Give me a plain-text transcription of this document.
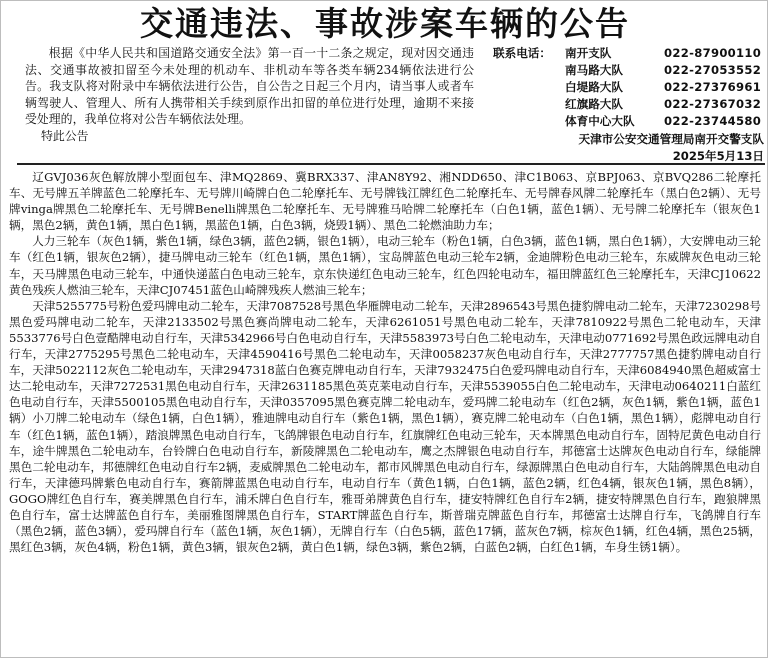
交通违法、事故涉案车辆的公告

根据《中华人民共和国道路交通安全法》第一百一十二条之规定，现对因交通违法、交通事故被扣留至今未处理的机动车、非机动车等各类车辆234辆依法进行公告。我支队将对附录中车辆依法进行公告，自公告之日起三个月内，请当事人或者车辆驾驶人、管理人、所有人携带相关手续到原作出扣留的单位进行处理，逾期不来接受处理的，我单位将对公告车辆依法处理。

特此公告

联系电话： 南开支队	022-87900110
南马路大队	022-27053552
白堤路大队	022-27376961
红旗路大队	022-27367032
体育中心大队	022-23744580
天津市公安交通管理局南开交警支队
2025年5月13日

辽GVJ036灰色解放牌小型面包车、津MQ2869、冀BRX337、津AN8Y92、湘NDD650、津C1B063、京BPJ063、京BVQ286二轮摩托车、无号牌五羊牌蓝色二轮摩托车、无号牌川崎牌白色二轮摩托车、无号牌钱江牌红色二轮摩托车、无号牌春风牌二轮摩托车（黑白色2辆）、无号牌vinga牌黑色二轮摩托车、无号牌Benelli牌黑色二轮摩托车、无号牌雅马哈牌二轮摩托车（白色1辆，蓝色1辆）、无号牌二轮摩托车（银灰色1辆，黑色2辆，黄色1辆，黑白色1辆，黑蓝色1辆，白色3辆，烧毁1辆）、黑色二轮燃油助力车；

人力三轮车（灰色1辆，紫色1辆，绿色3辆，蓝色2辆，银色1辆），电动三轮车（粉色1辆，白色3辆，蓝色1辆，黑白色1辆），大安牌电动三轮车（红色1辆，银灰色2辆），捷马牌电动三轮车（红色1辆，黑色1辆），宝岛牌蓝色电动三轮车2辆，金迪牌粉色电动三轮车，东威牌灰色电动三轮车，天马牌黑色电动三轮车，中通快递蓝白色电动三轮车，京东快递红色电动三轮车，红色四轮电动车，福田牌蓝红色三轮摩托车，天津CJ10622黄色残疾人燃油三轮车，天津CJ07451蓝色山崎牌残疾人燃油三轮车；

天津5255775号粉色爱玛牌电动二轮车，天津7087528号黑色华雁牌电动二轮车，天津2896543号黑色捷豹牌电动二轮车，天津7230298号黑色爱玛牌电动二轮车，天津2133502号黑色赛尚牌电动二轮车，天津6261051号黑色电动二轮车，天津7810922号黑色二轮电动车，天津5533776号白色壹酷牌电动自行车，天津5342966号白色电动自行车，天津5583973号白色二轮电动车，天津电动0771692号黑色政远牌电动自行车，天津2775295号黑色二轮电动车，天津4590416号黑色二轮电动车，天津0058237灰色电动自行车，天津2777757黑色捷豹牌电动自行车，天津5022112灰色二轮电动车，天津2947318蓝白色赛克牌电动自行车，天津7932475白色爱玛牌电动自行车，天津6084940黑色超威富士达二轮电动车，天津7272531黑色电动自行车，天津2631185黑色英克莱电动自行车，天津5539055白色二轮电动车，天津电动0640211白蓝红色电动自行车，天津5500105黑色电动自行车，天津0357095黑色赛克牌二轮电动车，爱玛牌二轮电动车（红色2辆，灰色1辆，紫色1辆，蓝色1辆）小刀牌二轮电动车（绿色1辆，白色1辆），雅迪牌电动自行车（紫色1辆，黑色1辆），赛克牌二轮电动车（白色1辆，黑色1辆），彪牌电动自行车（红色1辆，蓝色1辆），踏浪牌黑色电动自行车，飞鸽牌银色电动自行车，红旗牌红色电动三轮车，天本牌黑色电动自行车，固特尼黄色电动自行车，途牛牌黑色二轮电动车，台铃牌白色电动自行车，新陵牌黑色二轮电动车，鹰之杰牌银色电动自行车，邦德富士达牌灰色电动自行车，绿能牌黑色二轮电动车，邦德牌红色电动自行车2辆，麦威牌黑色二轮电动车，都市风牌黑色电动自行车，绿源牌黑白色电动自行车，大陆鸽牌黑色电动自行车，天津德玛牌紫色电动自行车，赛箭牌蓝黑色电动自行车，电动自行车（黄色1辆，白色1辆，蓝色2辆，红色4辆，银灰色1辆，黑色8辆），GOGO牌红色自行车，赛美牌黑色自行车，浦禾牌白色自行车，雅哥弟牌黄色自行车，捷安特牌红色自行车2辆，捷安特牌黑色自行车，跑狼牌黑色自行车，富士达牌蓝色自行车，美丽雅图牌黑色自行车，START牌蓝色自行车，斯普瑞克牌蓝色自行车，邦德富士达牌自行车，飞鸽牌自行车（黑色2辆，蓝色3辆），爱玛牌自行车（蓝色1辆，灰色1辆），无牌自行车（白色5辆，蓝色17辆，蓝灰色7辆，棕灰色1辆，红色4辆，黑色25辆，黑红色3辆，灰色4辆，粉色1辆，黄色3辆，银灰色2辆，黄白色1辆，绿色3辆，紫色2辆，白蓝色2辆，白红色1辆，车身生锈1辆）。
